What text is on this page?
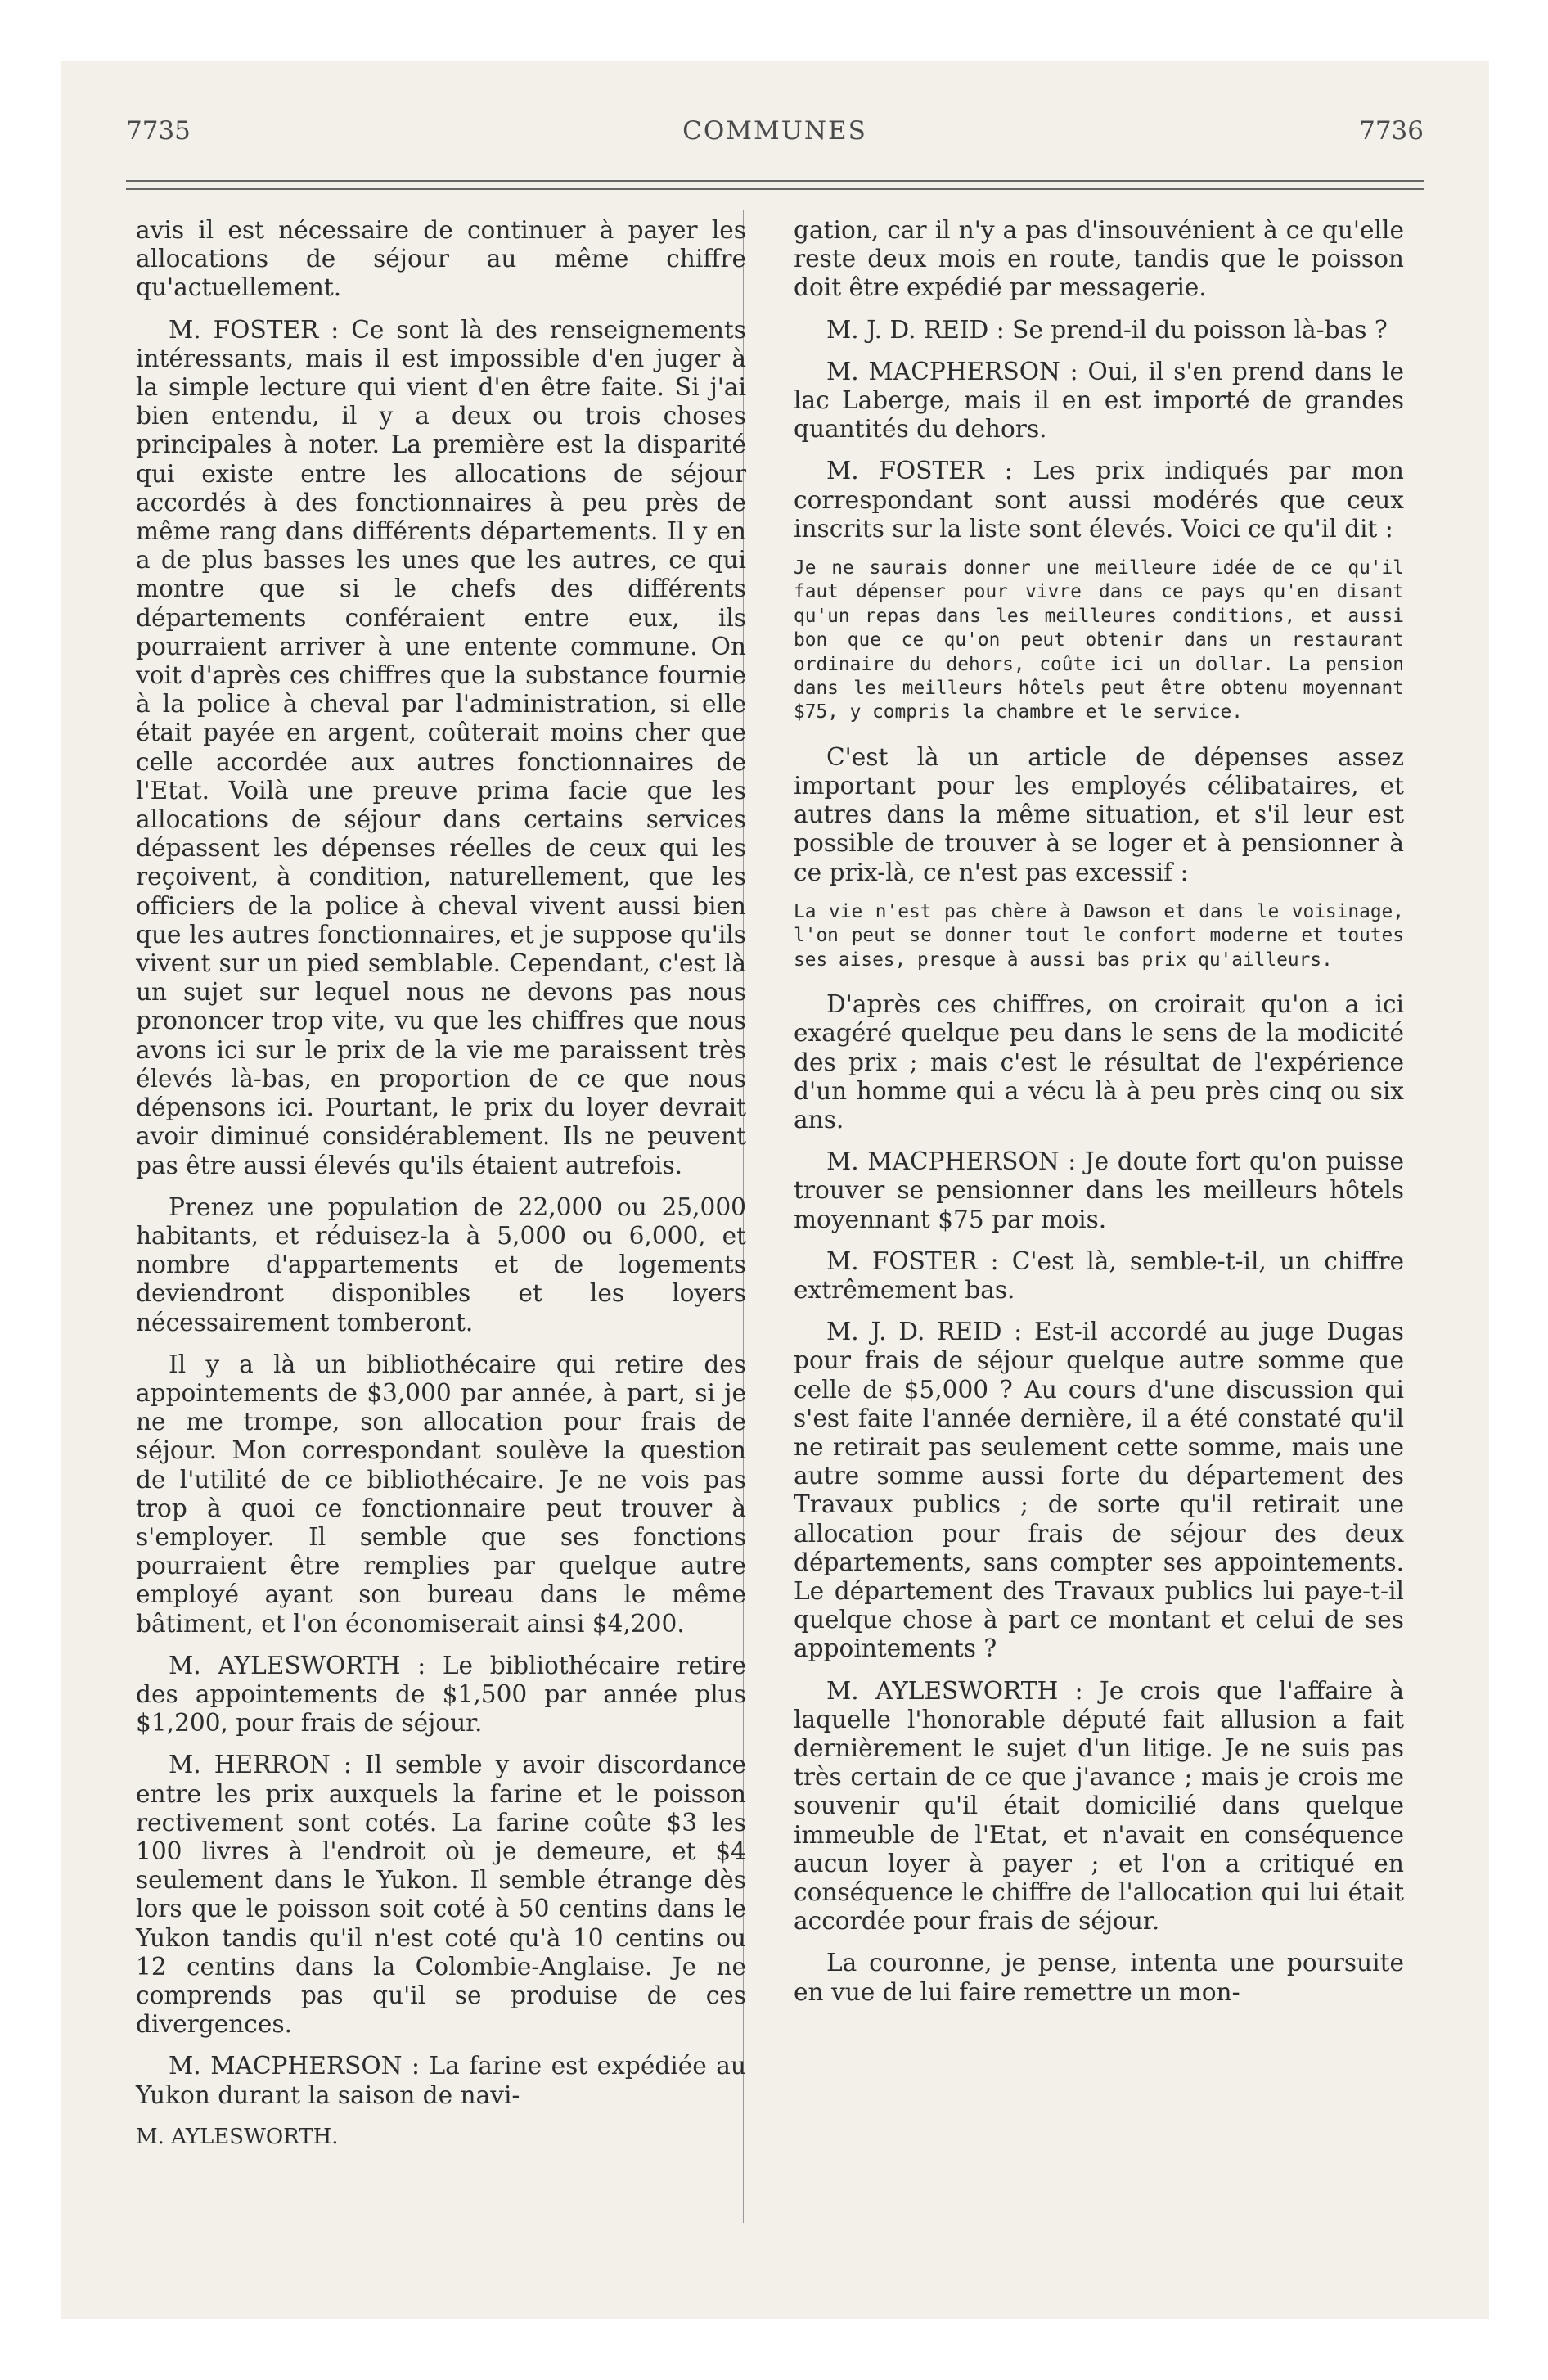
7735	COMMUNES	7736

avis il est nécessaire de continuer à payer les allocations de séjour au même chiffre qu'actuellement.

M. FOSTER : Ce sont là des renseignements intéressants, mais il est impossible d'en juger à la simple lecture qui vient d'en être faite. Si j'ai bien entendu, il y a deux ou trois choses principales à noter. La première est la disparité qui existe entre les allocations de séjour accordés à des fonctionnaires à peu près de même rang dans différents départements. Il y en a de plus basses les unes que les autres, ce qui montre que si le chefs des différents départements conféraient entre eux, ils pourraient arriver à une entente commune. On voit d'après ces chiffres que la substance fournie à la police à cheval par l'administration, si elle était payée en argent, coûterait moins cher que celle accordée aux autres fonctionnaires de l'Etat. Voilà une preuve prima facie que les allocations de séjour dans certains services dépassent les dépenses réelles de ceux qui les reçoivent, à condition, naturellement, que les officiers de la police à cheval vivent aussi bien que les autres fonctionnaires, et je suppose qu'ils vivent sur un pied semblable. Cependant, c'est là un sujet sur lequel nous ne devons pas nous prononcer trop vite, vu que les chiffres que nous avons ici sur le prix de la vie me paraissent très élevés là-bas, en proportion de ce que nous dépensons ici. Pourtant, le prix du loyer devrait avoir diminué considérablement. Ils ne peuvent pas être aussi élevés qu'ils étaient autrefois.

Prenez une population de 22,000 ou 25,000 habitants, et réduisez-la à 5,000 ou 6,000, et nombre d'appartements et de logements deviendront disponibles et les loyers nécessairement tomberont.

Il y a là un bibliothécaire qui retire des appointements de $3,000 par année, à part, si je ne me trompe, son allocation pour frais de séjour. Mon correspondant soulève la question de l'utilité de ce bibliothécaire. Je ne vois pas trop à quoi ce fonctionnaire peut trouver à s'employer. Il semble que ses fonctions pourraient être remplies par quelque autre employé ayant son bureau dans le même bâtiment, et l'on économiserait ainsi $4,200.

M. AYLESWORTH : Le bibliothécaire retire des appointements de $1,500 par année plus $1,200, pour frais de séjour.

M. HERRON : Il semble y avoir discordance entre les prix auxquels la farine et le poisson rectivement sont cotés. La farine coûte $3 les 100 livres à l'endroit où je demeure, et $4 seulement dans le Yukon. Il semble étrange dès lors que le poisson soit coté à 50 centins dans le Yukon tandis qu'il n'est coté qu'à 10 centins ou 12 centins dans la Colombie-Anglaise. Je ne comprends pas qu'il se produise de ces divergences.

M. MACPHERSON : La farine est expédiée au Yukon durant la saison de navi-

M. AYLESWORTH.

gation, car il n'y a pas d'insouvénient à ce qu'elle reste deux mois en route, tandis que le poisson doit être expédié par messagerie.

M. J. D. REID : Se prend-il du poisson là-bas ?

M. MACPHERSON : Oui, il s'en prend dans le lac Laberge, mais il en est importé de grandes quantités du dehors.

M. FOSTER : Les prix indiqués par mon correspondant sont aussi modérés que ceux inscrits sur la liste sont élevés. Voici ce qu'il dit :

Je ne saurais donner une meilleure idée de ce qu'il faut dépenser pour vivre dans ce pays qu'en disant qu'un repas dans les meilleures conditions, et aussi bon que ce qu'on peut obtenir dans un restaurant ordinaire du dehors, coûte ici un dollar. La pension dans les meilleurs hôtels peut être obtenu moyennant $75, y compris la chambre et le service.

C'est là un article de dépenses assez important pour les employés célibataires, et autres dans la même situation, et s'il leur est possible de trouver à se loger et à pensionner à ce prix-là, ce n'est pas excessif :

La vie n'est pas chère à Dawson et dans le voisinage, l'on peut se donner tout le confort moderne et toutes ses aises, presque à aussi bas prix qu'ailleurs.

D'après ces chiffres, on croirait qu'on a ici exagéré quelque peu dans le sens de la modicité des prix ; mais c'est le résultat de l'expérience d'un homme qui a vécu là à peu près cinq ou six ans.

M. MACPHERSON : Je doute fort qu'on puisse trouver se pensionner dans les meilleurs hôtels moyennant $75 par mois.

M. FOSTER : C'est là, semble-t-il, un chiffre extrêmement bas.

M. J. D. REID : Est-il accordé au juge Dugas pour frais de séjour quelque autre somme que celle de $5,000 ? Au cours d'une discussion qui s'est faite l'année dernière, il a été constaté qu'il ne retirait pas seulement cette somme, mais une autre somme aussi forte du département des Travaux publics ; de sorte qu'il retirait une allocation pour frais de séjour des deux départements, sans compter ses appointements. Le département des Travaux publics lui paye-t-il quelque chose à part ce montant et celui de ses appointements ?

M. AYLESWORTH : Je crois que l'affaire à laquelle l'honorable député fait allusion a fait dernièrement le sujet d'un litige. Je ne suis pas très certain de ce que j'avance ; mais je crois me souvenir qu'il était domicilié dans quelque immeuble de l'Etat, et n'avait en conséquence aucun loyer à payer ; et l'on a critiqué en conséquence le chiffre de l'allocation qui lui était accordée pour frais de séjour.

La couronne, je pense, intenta une poursuite en vue de lui faire remettre un mon-
